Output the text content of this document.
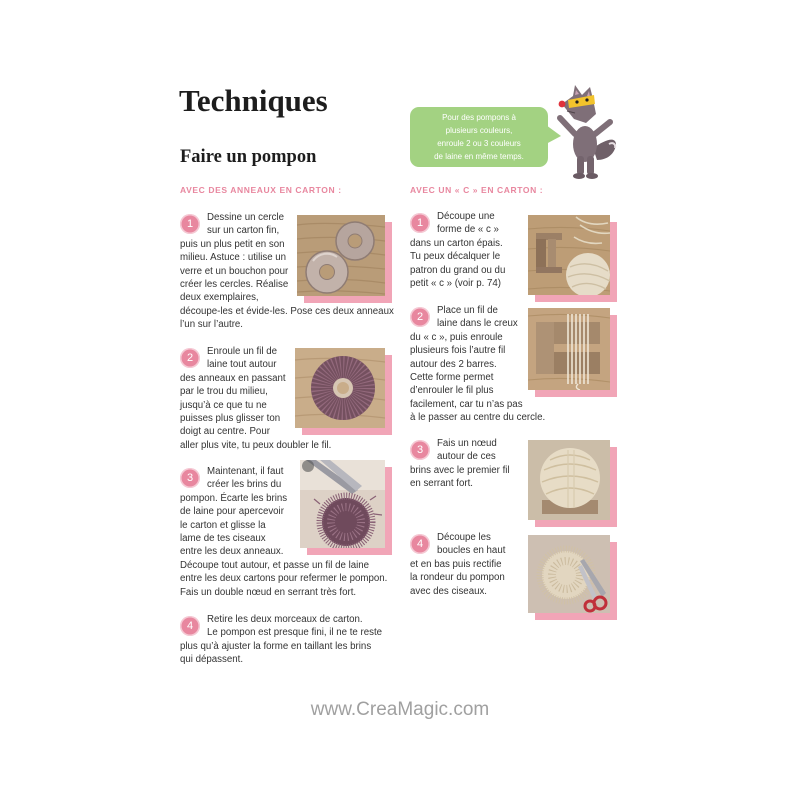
Techniques
Faire un pompon
Pour des pompons à
plusieurs couleurs,
enroule 2 ou 3 couleurs
de laine en même temps.
AVEC DES ANNEAUX EN CARTON :	AVEC UN « C » EN CARTON :
www.CreaMagic.com
1
Dessine un cercle
sur un carton fin,
puis un plus petit en son
milieu. Astuce : utilise un
verre et un bouchon pour
créer les cercles. Réalise
deux exemplaires,
découpe-les et évide-les. Pose ces deux anneaux
l’un sur l’autre.
2
Enroule un fil de
laine tout autour
des anneaux en passant
par le trou du milieu,
jusqu’à ce que tu ne
puisses plus glisser ton
doigt au centre. Pour
aller plus vite, tu peux doubler le fil.
3
Maintenant, il faut
créer les brins du
pompon. Écarte les brins
de laine pour apercevoir
le carton et glisse la
lame de tes ciseaux
entre les deux anneaux.
Découpe tout autour, et passe un fil de laine
entre les deux cartons pour refermer le pompon.
Fais un double nœud en serrant très fort.
4
Retire les deux morceaux de carton.
Le pompon est presque fini, il ne te reste
plus qu’à ajuster la forme en taillant les brins
qui dépassent.
1
Découpe une
forme de « c »
dans un carton épais.
Tu peux décalquer le
patron du grand ou du
petit « c » (voir p. 74)
2
Place un fil de
laine dans le creux
du « c », puis enroule
plusieurs fois l’autre fil
autour des 2 barres.
Cette forme permet
d’enrouler le fil plus
facilement, car tu n’as pas
à le passer au centre du cercle.
3
Fais un nœud
autour de ces
brins avec le premier fil
en serrant fort.
4
Découpe les
boucles en haut
et en bas puis rectifie
la rondeur du pompon
avec des ciseaux.
